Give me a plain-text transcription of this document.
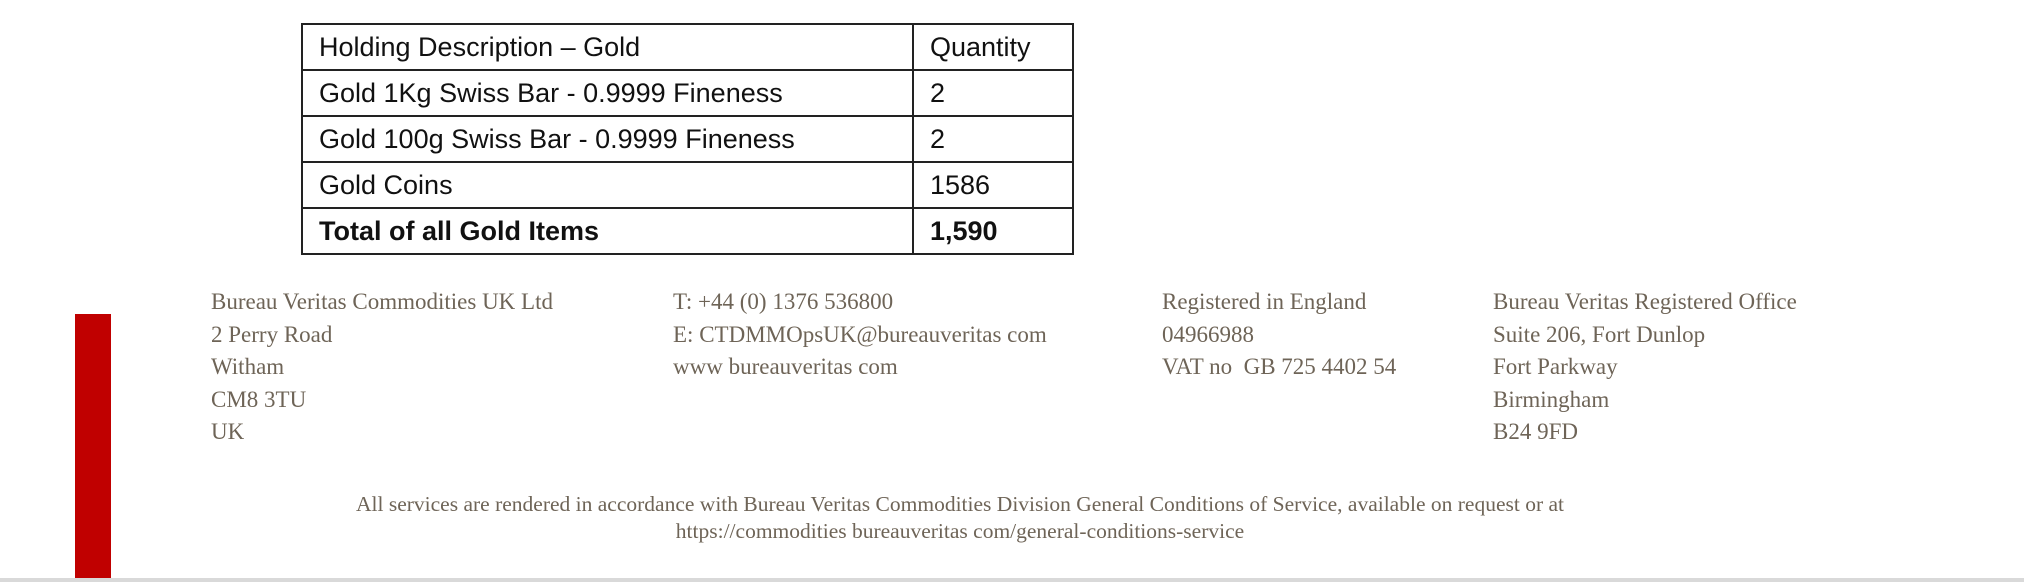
Holding Description – Gold	Quantity
Gold 1Kg Swiss Bar - 0.9999 Fineness	2
Gold 100g Swiss Bar - 0.9999 Fineness	2
Gold Coins	1586
Total of all Gold Items	1,590
Bureau Veritas Commodities UK Ltd
2 Perry Road
Witham
CM8 3TU
UK
T: +44 (0) 1376 536800
E: CTDMMOpsUK@bureauveritas com
www bureauveritas com
Registered in England
04966988
VAT no  GB 725 4402 54
Bureau Veritas Registered Office
Suite 206, Fort Dunlop
Fort Parkway
Birmingham
B24 9FD
All services are rendered in accordance with Bureau Veritas Commodities Division General Conditions of Service, available on request or at
https://commodities bureauveritas com/general-conditions-service
